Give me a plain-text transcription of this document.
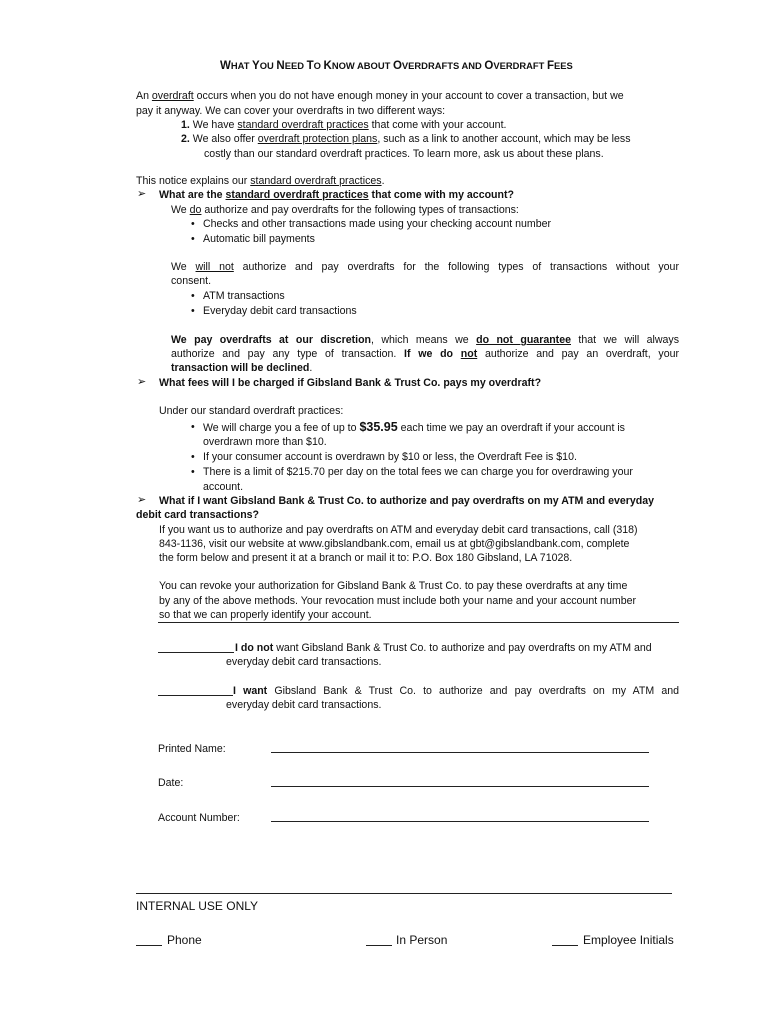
WHAT YOU NEED TO KNOW ABOUT OVERDRAFTS AND OVERDRAFT FEES
An overdraft occurs when you do not have enough money in your account to cover a transaction, but we
pay it anyway. We can cover your overdrafts in two different ways:
1. We have standard overdraft practices that come with your account.
2. We also offer overdraft protection plans, such as a link to another account, which may be less
costly than our standard overdraft practices. To learn more, ask us about these plans.
This notice explains our standard overdraft practices.
➢ What are the standard overdraft practices that come with my account?
We do authorize and pay overdrafts for the following types of transactions:
• Checks and other transactions made using your checking account number
• Automatic bill payments
We will not authorize and pay overdrafts for the following types of transactions without your
consent.
• ATM transactions
• Everyday debit card transactions
We pay overdrafts at our discretion, which means we do not guarantee that we will always
authorize and pay any type of transaction. If we do not authorize and pay an overdraft, your
transaction will be declined.
➢ What fees will I be charged if Gibsland Bank & Trust Co. pays my overdraft?
Under our standard overdraft practices:
• We will charge you a fee of up to $35.95 each time we pay an overdraft if your account is
overdrawn more than $10.
• If your consumer account is overdrawn by $10 or less, the Overdraft Fee is $10.
• There is a limit of $215.70 per day on the total fees we can charge you for overdrawing your
account.
➢ What if I want Gibsland Bank & Trust Co. to authorize and pay overdrafts on my ATM and everyday
debit card transactions?
If you want us to authorize and pay overdrafts on ATM and everyday debit card transactions, call (318)
843-1136, visit our website at www.gibslandbank.com, email us at gbt@gibslandbank.com, complete
the form below and present it at a branch or mail it to: P.O. Box 180 Gibsland, LA 71028.
You can revoke your authorization for Gibsland Bank & Trust Co. to pay these overdrafts at any time
by any of the above methods. Your revocation must include both your name and your account number
so that we can properly identify your account.
I do not want Gibsland Bank & Trust Co. to authorize and pay overdrafts on my ATM and
everyday debit card transactions.
I want Gibsland Bank & Trust Co. to authorize and pay overdrafts on my ATM and
everyday debit card transactions.
Printed Name:
Date:
Account Number:
INTERNAL USE ONLY
Phone	In Person	Employee Initials
